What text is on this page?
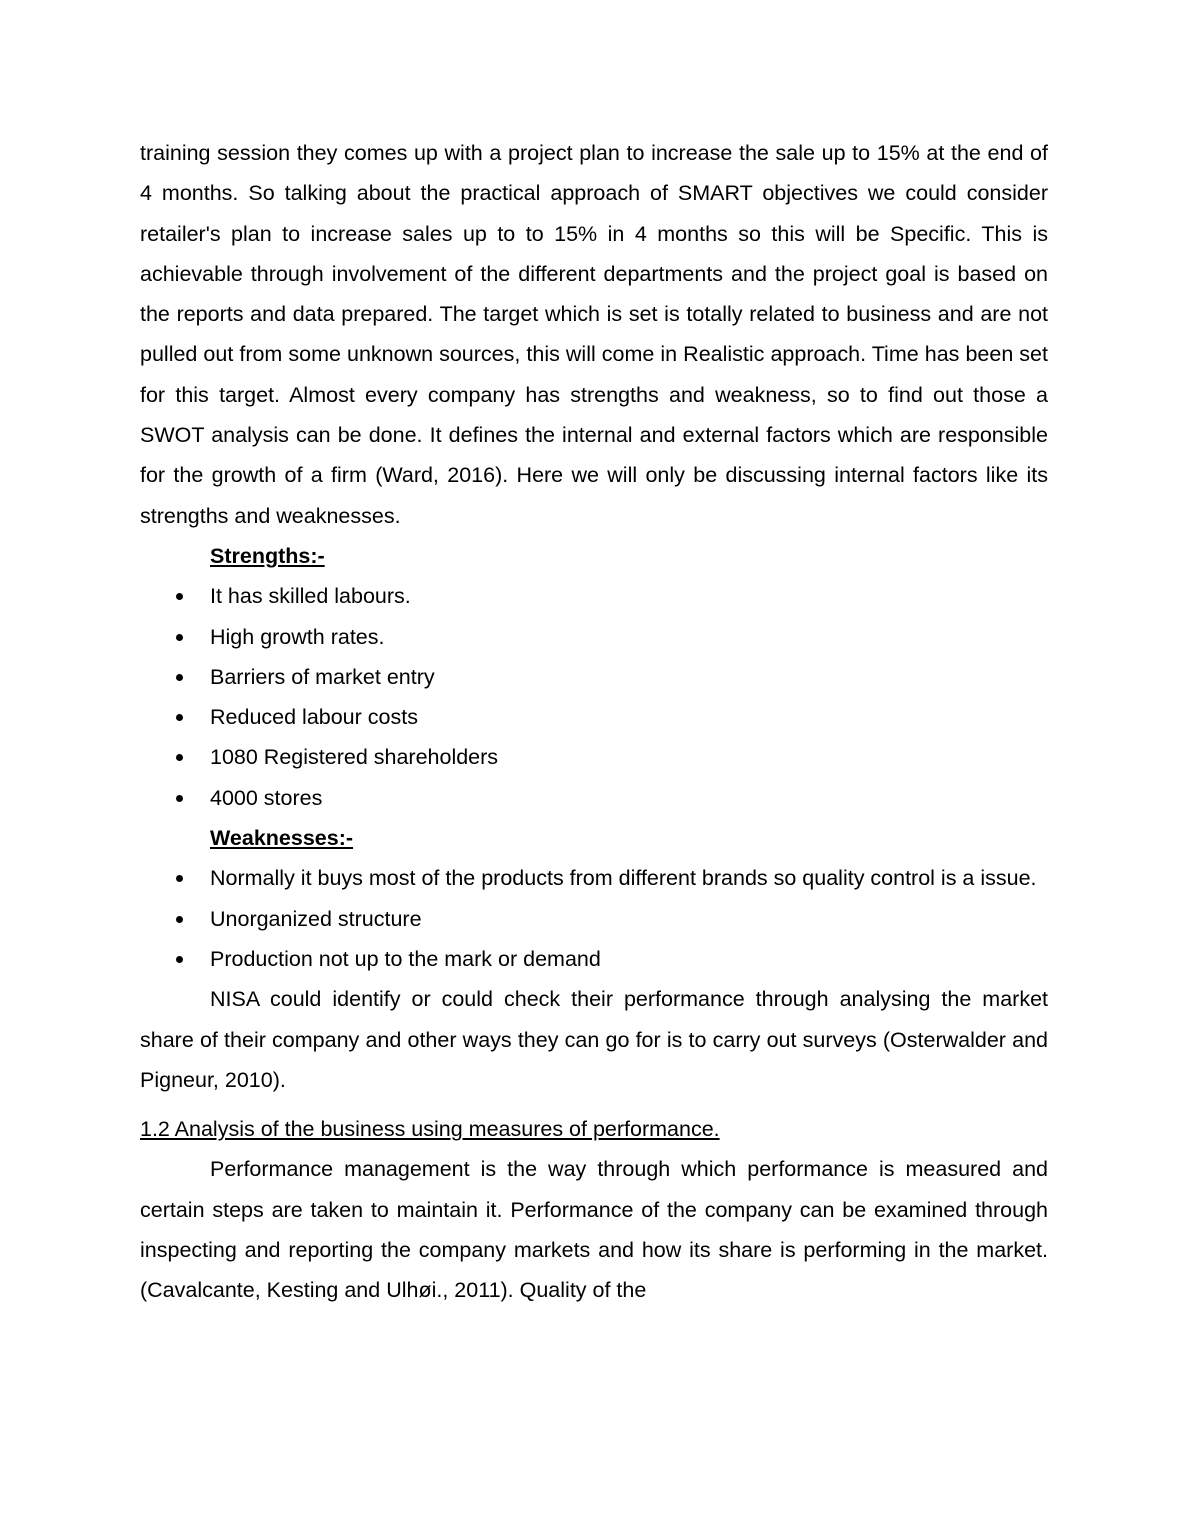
training session they comes up with a project plan to increase the sale up to 15% at the end of 4 months. So talking about the practical approach of SMART objectives we could consider retailer's plan to increase sales up to to 15% in 4 months so this will be Specific. This is achievable through involvement of the different departments and the project goal is based on the reports and data prepared. The target which is set is totally related to business and are not pulled out from some unknown sources, this will come in Realistic approach. Time has been set for this target. Almost every company has strengths and weakness, so to find out those a SWOT analysis can be done. It defines the internal and external factors which are responsible for the growth of a firm (Ward, 2016). Here we will only be discussing internal factors like its strengths and weaknesses.

Strengths:-

It has skilled labours.
High growth rates.
Barriers of market entry
Reduced labour costs
1080 Registered shareholders
4000 stores

Weaknesses:-

Normally it buys most of the products from different brands so quality control is a issue.
Unorganized structure
Production not up to the mark or demand

NISA could identify or could check their performance through analysing the market share of their company and other ways they can go for is to carry out surveys (Osterwalder and Pigneur, 2010).

1.2 Analysis of the business using measures of performance.

Performance management is the way through which performance is measured and certain steps are taken to maintain it. Performance of the company can be examined through inspecting and reporting the company markets and how its share is performing in the market. (Cavalcante, Kesting and Ulhøi., 2011). Quality of the
